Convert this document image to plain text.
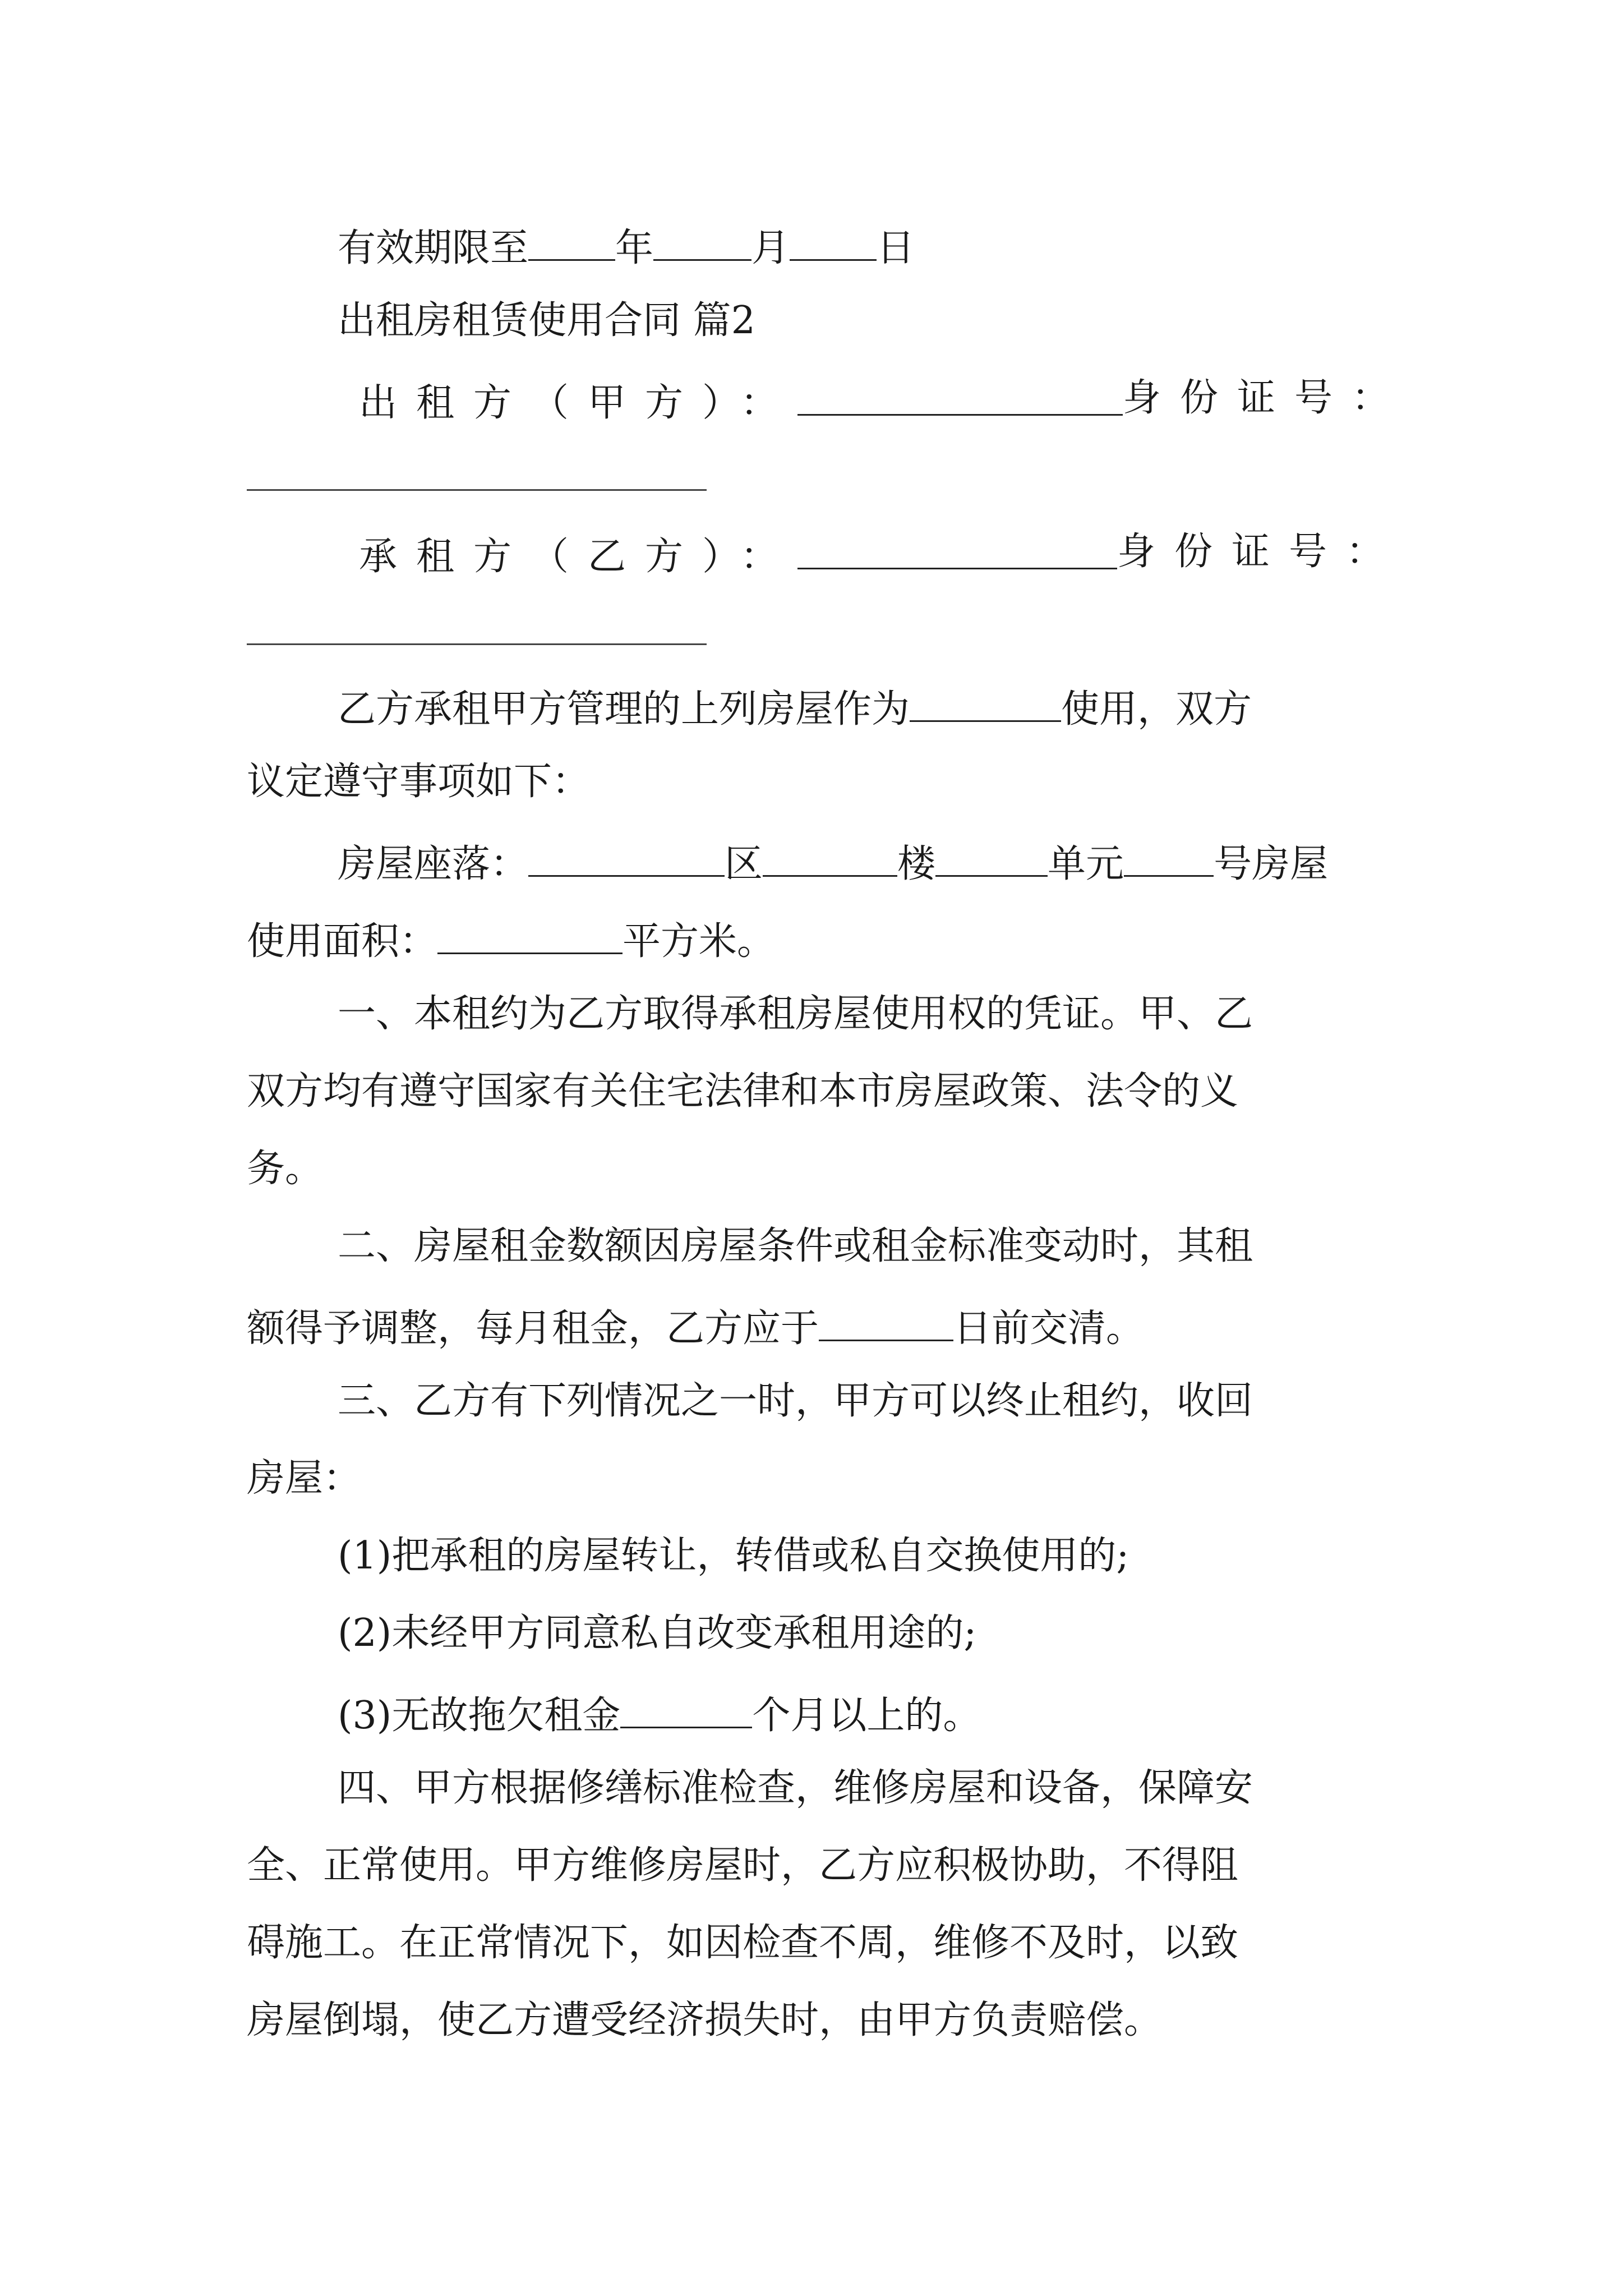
有效期限至 年	月 日
出租房租赁使用合同 篇2
出租方（甲方）：	身份证号：
承租方（乙方）：	身份证号：
乙方承租甲方管理的上列房屋作为	使用，双方
议定遵守事项如下：
房屋座落：	区	楼	单元 号房屋
使用面积：	平方米。
一、本租约为乙方取得承租房屋使用权的凭证。甲、乙
双方均有遵守国家有关住宅法律和本市房屋政策、法令的义
务。
二、房屋租金数额因房屋条件或租金标准变动时，其租
额得予调整，每月租金，乙方应于	日前交清。
三、乙方有下列情况之一时，甲方可以终止租约，收回
房屋：
(1)把承租的房屋转让，转借或私自交换使用的;
(2)未经甲方同意私自改变承租用途的;
(3)无故拖欠租金	个月以上的。
四、甲方根据修缮标准检查，维修房屋和设备，保障安
全、正常使用。甲方维修房屋时，乙方应积极协助，不得阻
碍施工。在正常情况下，如因检查不周，维修不及时，以致
房屋倒塌，使乙方遭受经济损失时，由甲方负责赔偿。
